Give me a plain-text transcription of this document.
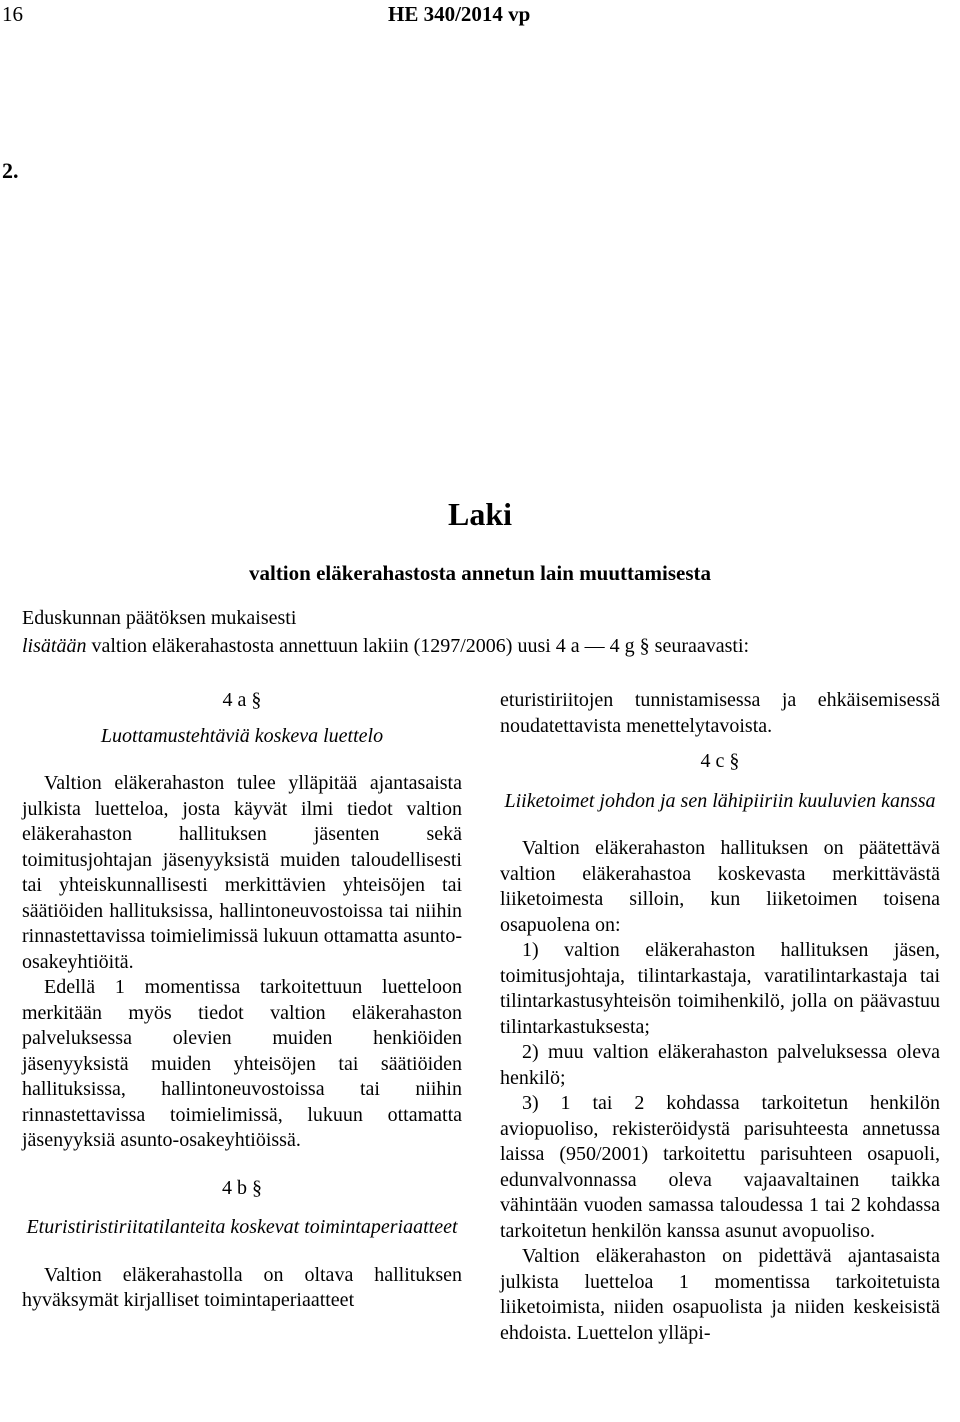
16	HE 340/2014 vp
2.
Laki
valtion eläkerahastosta annetun lain muuttamisesta
Eduskunnan päätöksen mukaisesti
lisätään valtion eläkerahastosta annettuun lakiin (1297/2006) uusi 4 a — 4 g § seuraavasti:

4 a §

Luottamustehtäviä koskeva luettelo

Valtion eläkerahaston tulee ylläpitää ajantasaista julkista luetteloa, josta käyvät ilmi tiedot valtion eläkerahaston hallituksen jäsenten sekä toimitusjohtajan jäsenyyksistä muiden taloudellisesti tai yhteiskunnallisesti merkittävien yhteisöjen tai säätiöiden hallituksissa, hallintoneuvostoissa tai niihin rinnastettavissa toimielimissä lukuun ottamatta asunto-osakeyhtiöitä.

Edellä 1 momentissa tarkoitettuun luetteloon merkitään myös tiedot valtion eläkerahaston palveluksessa olevien muiden henkiöiden jäsenyyksistä muiden yhteisöjen tai säätiöiden hallituksissa, hallintoneuvostoissa tai niihin rinnastettavissa toimielimissä, lukuun ottamatta jäsenyyksiä asunto-osakeyhtiöissä.

4 b §

Eturistiristiriitatilanteita koskevat toimintaperiaatteet

Valtion eläkerahastolla on oltava hallituksen hyväksymät kirjalliset toimintaperiaatteet

eturistiriitojen tunnistamisessa ja ehkäisemisessä noudatettavista menettelytavoista.

4 c §

Liiketoimet johdon ja sen lähipiiriin kuuluvien kanssa

Valtion eläkerahaston hallituksen on päätettävä valtion eläkerahastoa koskevasta merkittävästä liiketoimesta silloin, kun liiketoimen toisena osapuolena on:

1) valtion eläkerahaston hallituksen jäsen, toimitusjohtaja, tilintarkastaja, varatilintarkastaja tai tilintarkastusyhteisön toimihenkilö, jolla on päävastuu tilintarkastuksesta;

2) muu valtion eläkerahaston palveluksessa oleva henkilö;

3) 1 tai 2 kohdassa tarkoitetun henkilön aviopuoliso, rekisteröidystä parisuhteesta annetussa laissa (950/2001) tarkoitettu parisuhteen osapuoli, edunvalvonnassa oleva vajaavaltainen taikka vähintään vuoden samassa taloudessa 1 tai 2 kohdassa tarkoitetun henkilön kanssa asunut avopuoliso.

Valtion eläkerahaston on pidettävä ajantasaista julkista luetteloa 1 momentissa tarkoitetuista liiketoimista, niiden osapuolista ja niiden keskeisistä ehdoista. Luettelon ylläpi-
